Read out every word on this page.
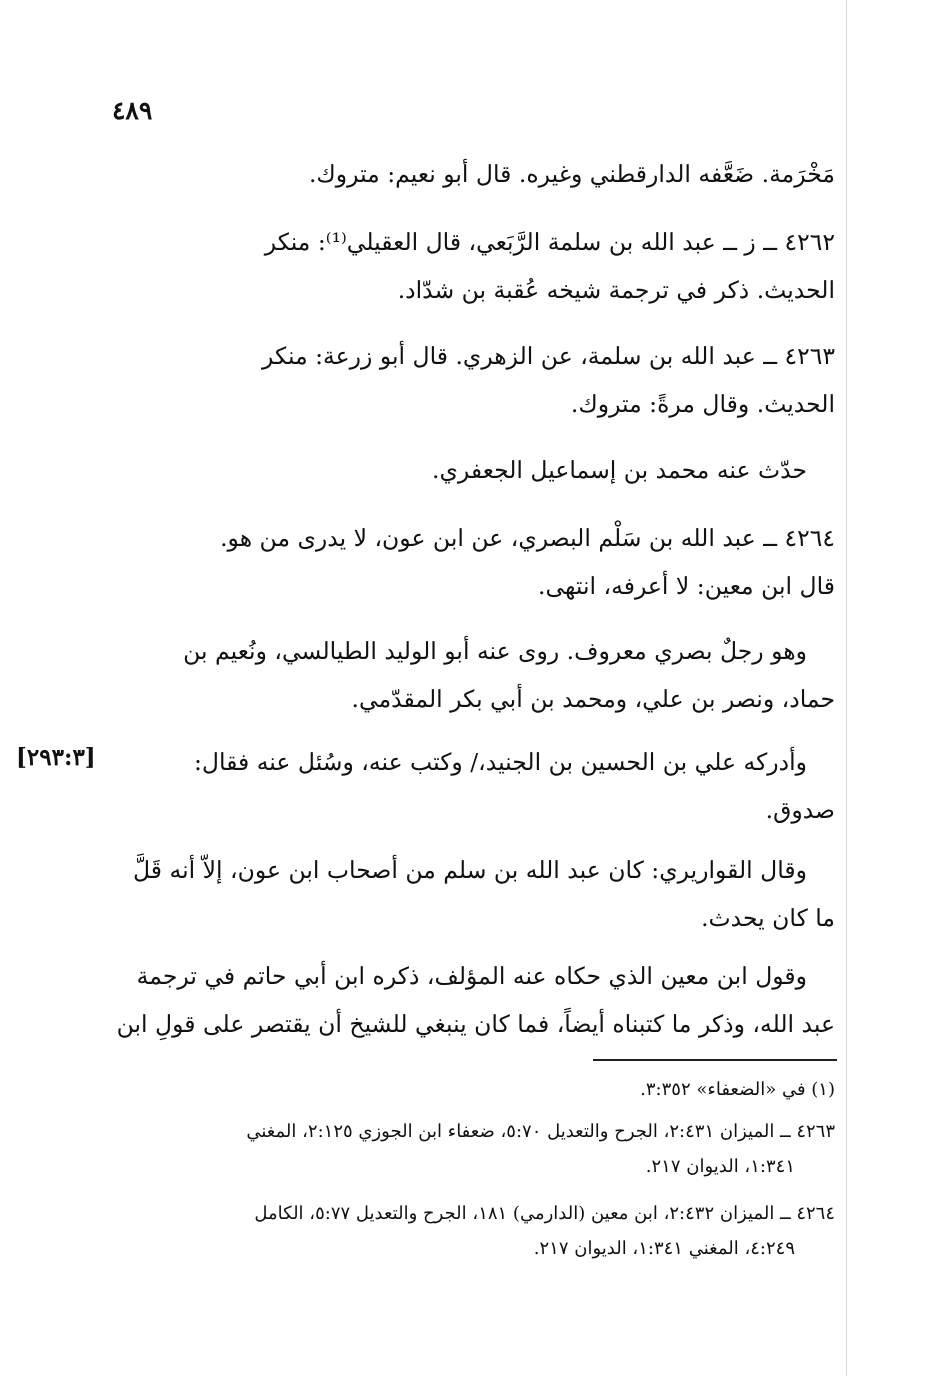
٤٨٩
مَخْرَمة. ضَعَّفه الدارقطني وغيره. قال أبو نعيم: متروك.
٤٢٦٢ ــ ز ــ عبد الله بن سلمة الرَّبَعي، قال العقيلي⁽¹⁾: منكر
الحديث. ذكر في ترجمة شيخه عُقبة بن شدّاد.
٤٢٦٣ ــ عبد الله بن سلمة، عن الزهري. قال أبو زرعة: منكر
الحديث. وقال مرةً: متروك.
حدّث عنه محمد بن إسماعيل الجعفري.
٤٢٦٤ ــ عبد الله بن سَلْم البصري، عن ابن عون، لا يدرى من هو.
قال ابن معين: لا أعرفه، انتهى.
وهو رجلٌ بصري معروف. روى عنه أبو الوليد الطيالسي، ونُعيم بن
حماد، ونصر بن علي، ومحمد بن أبي بكر المقدّمي.
وأدركه علي بن الحسين بن الجنيد،/ وكتب عنه، وسُئل عنه فقال:
صدوق.
[٢٩٣:٣]
وقال القواريري: كان عبد الله بن سلم من أصحاب ابن عون، إلاّ أنه قَلَّ
ما كان يحدث.
وقول ابن معين الذي حكاه عنه المؤلف، ذكره ابن أبي حاتم في ترجمة
عبد الله، وذكر ما كتبناه أيضاً، فما كان ينبغي للشيخ أن يقتصر على قولِ ابن
(١) في «الضعفاء» ٣:٣٥٢.
٤٢٦٣ ــ الميزان ٢:٤٣١، الجرح والتعديل ٥:٧٠، ضعفاء ابن الجوزي ٢:١٢٥، المغني
١:٣٤١، الديوان ٢١٧.
٤٢٦٤ ــ الميزان ٢:٤٣٢، ابن معين (الدارمي) ١٨١، الجرح والتعديل ٥:٧٧، الكامل
٤:٢٤٩، المغني ١:٣٤١، الديوان ٢١٧.
